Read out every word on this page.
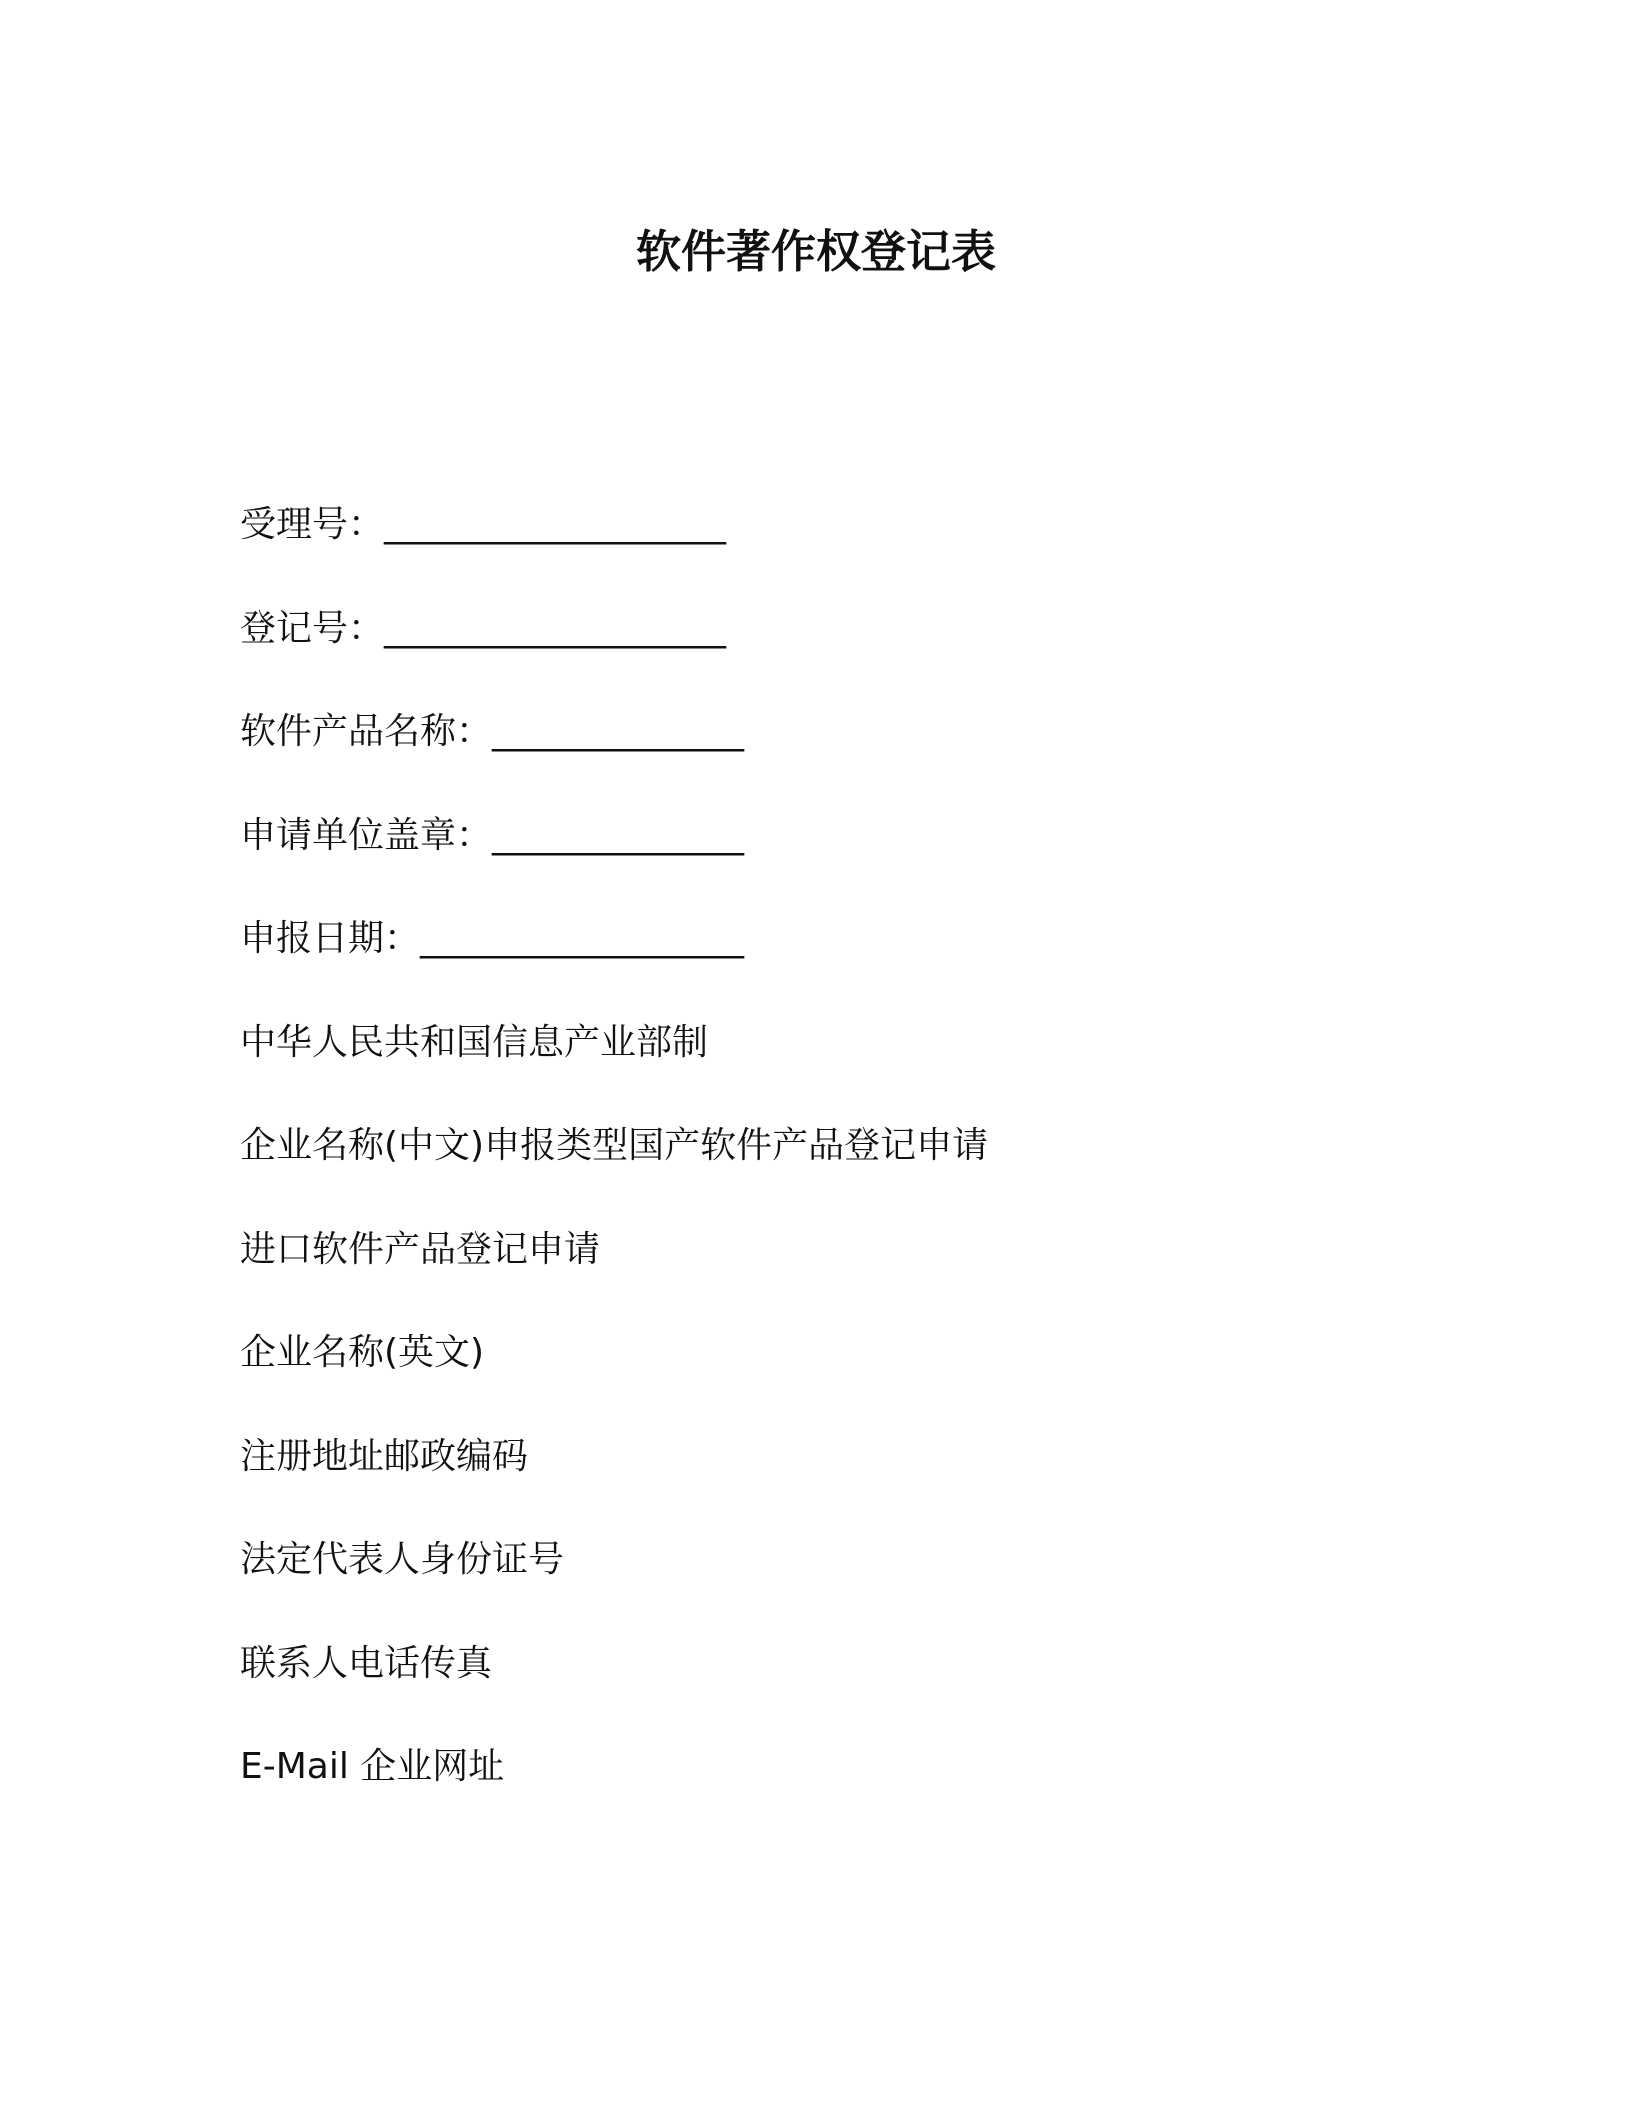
软件著作权登记表
受理号：___________________
登记号：___________________
软件产品名称：______________
申请单位盖章：______________
申报日期：__________________
中华人民共和国信息产业部制
企业名称(中文)申报类型国产软件产品登记申请
进口软件产品登记申请
企业名称(英文)
注册地址邮政编码
法定代表人身份证号
联系人电话传真
E-Mail 企业网址
